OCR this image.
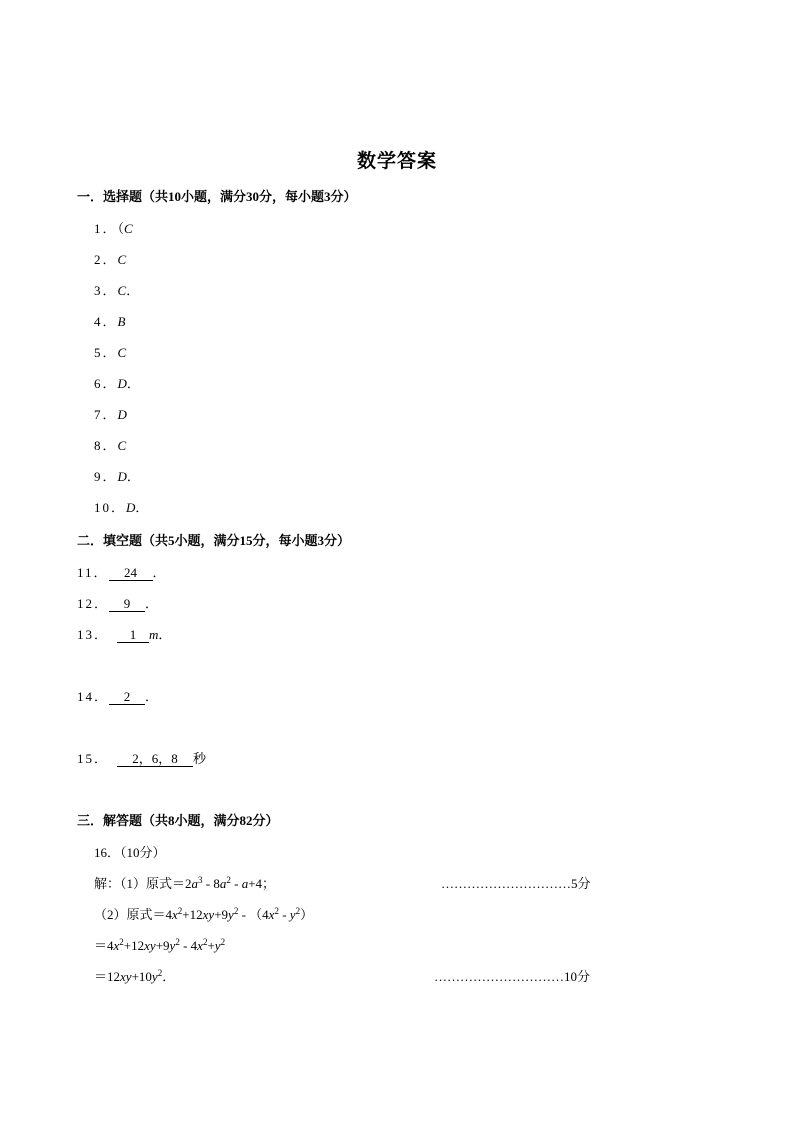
数学答案
一．选择题（共10小题，满分30分，每小题3分）
1．（C
2．C
3．C．
4．B
5．C
6．D．
7．D
8．C
9．D．
10．D．
二．填空题（共5小题，满分15分，每小题3分）
11． 24 ．
12． 9 ．
13． 1 m．
14． 2 ．
15． 2，6，8 秒
三．解答题（共8小题，满分82分）
16．（10分）
解：（1）原式$=2a^3 - 8a^2 - a+4$；	…………………………5分
（2）原式$=4x^2+12xy+9y^2 - (4x^2 - y^2)$
$=4x^2+12xy+9y^2 - 4x^2+y^2$
$=12xy+10y^2$．	…………………………10分
